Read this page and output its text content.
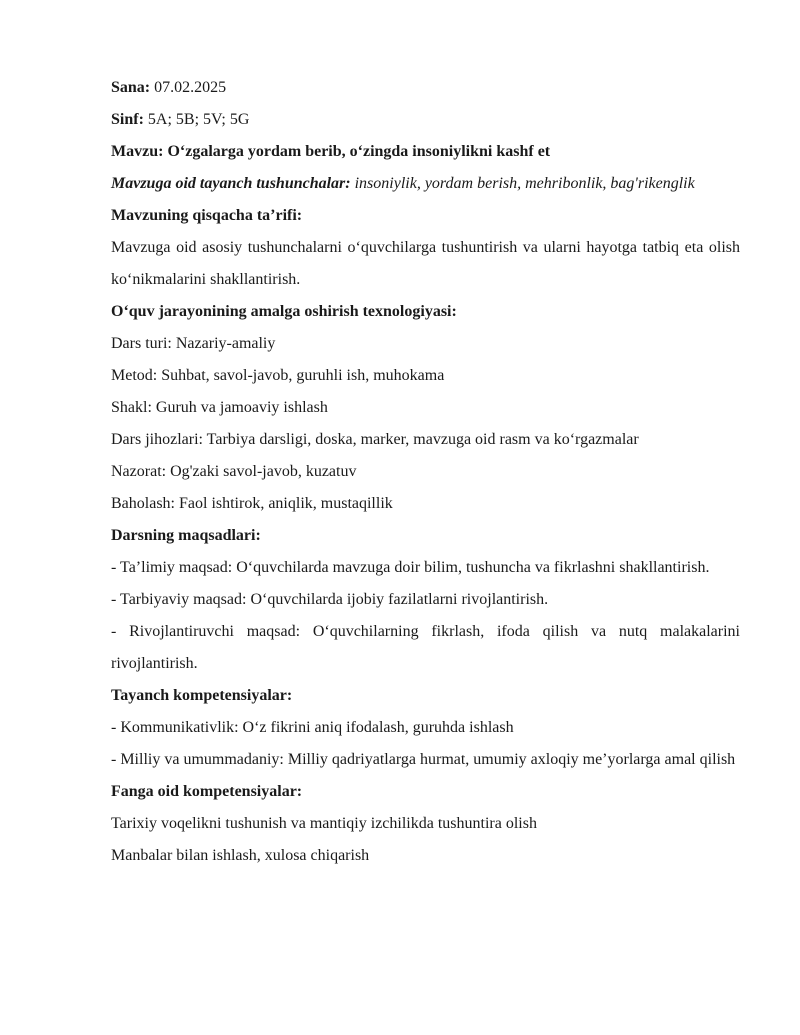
Sana: 07.02.2025
Sinf: 5A; 5B; 5V; 5G
Mavzu: O‘zgalarga yordam berib, o‘zingda insoniylikni kashf et
Mavzuga oid tayanch tushunchalar: insoniylik, yordam berish, mehribonlik, bag'rikenglik
Mavzuning qisqacha ta’rifi:
Mavzuga oid asosiy tushunchalarni o‘quvchilarga tushuntirish va ularni hayotga tatbiq eta olish ko‘nikmalarini shakllantirish.
O‘quv jarayonining amalga oshirish texnologiyasi:
Dars turi: Nazariy-amaliy
Metod: Suhbat, savol-javob, guruhli ish, muhokama
Shakl: Guruh va jamoaviy ishlash
Dars jihozlari: Tarbiya darsligi, doska, marker, mavzuga oid rasm va ko‘rgazmalar
Nazorat: Og'zaki savol-javob, kuzatuv
Baholash: Faol ishtirok, aniqlik, mustaqillik
Darsning maqsadlari:
- Ta’limiy maqsad: O‘quvchilarda mavzuga doir bilim, tushuncha va fikrlashni shakllantirish.
- Tarbiyaviy maqsad: O‘quvchilarda ijobiy fazilatlarni rivojlantirish.
- Rivojlantiruvchi maqsad: O‘quvchilarning fikrlash, ifoda qilish va nutq malakalarini rivojlantirish.
Tayanch kompetensiyalar:
- Kommunikativlik: O‘z fikrini aniq ifodalash, guruhda ishlash
- Milliy va umummadaniy: Milliy qadriyatlarga hurmat, umumiy axloqiy me’yorlarga amal qilish
Fanga oid kompetensiyalar:
Tarixiy voqelikni tushunish va mantiqiy izchilikda tushuntira olish
Manbalar bilan ishlash, xulosa chiqarish
